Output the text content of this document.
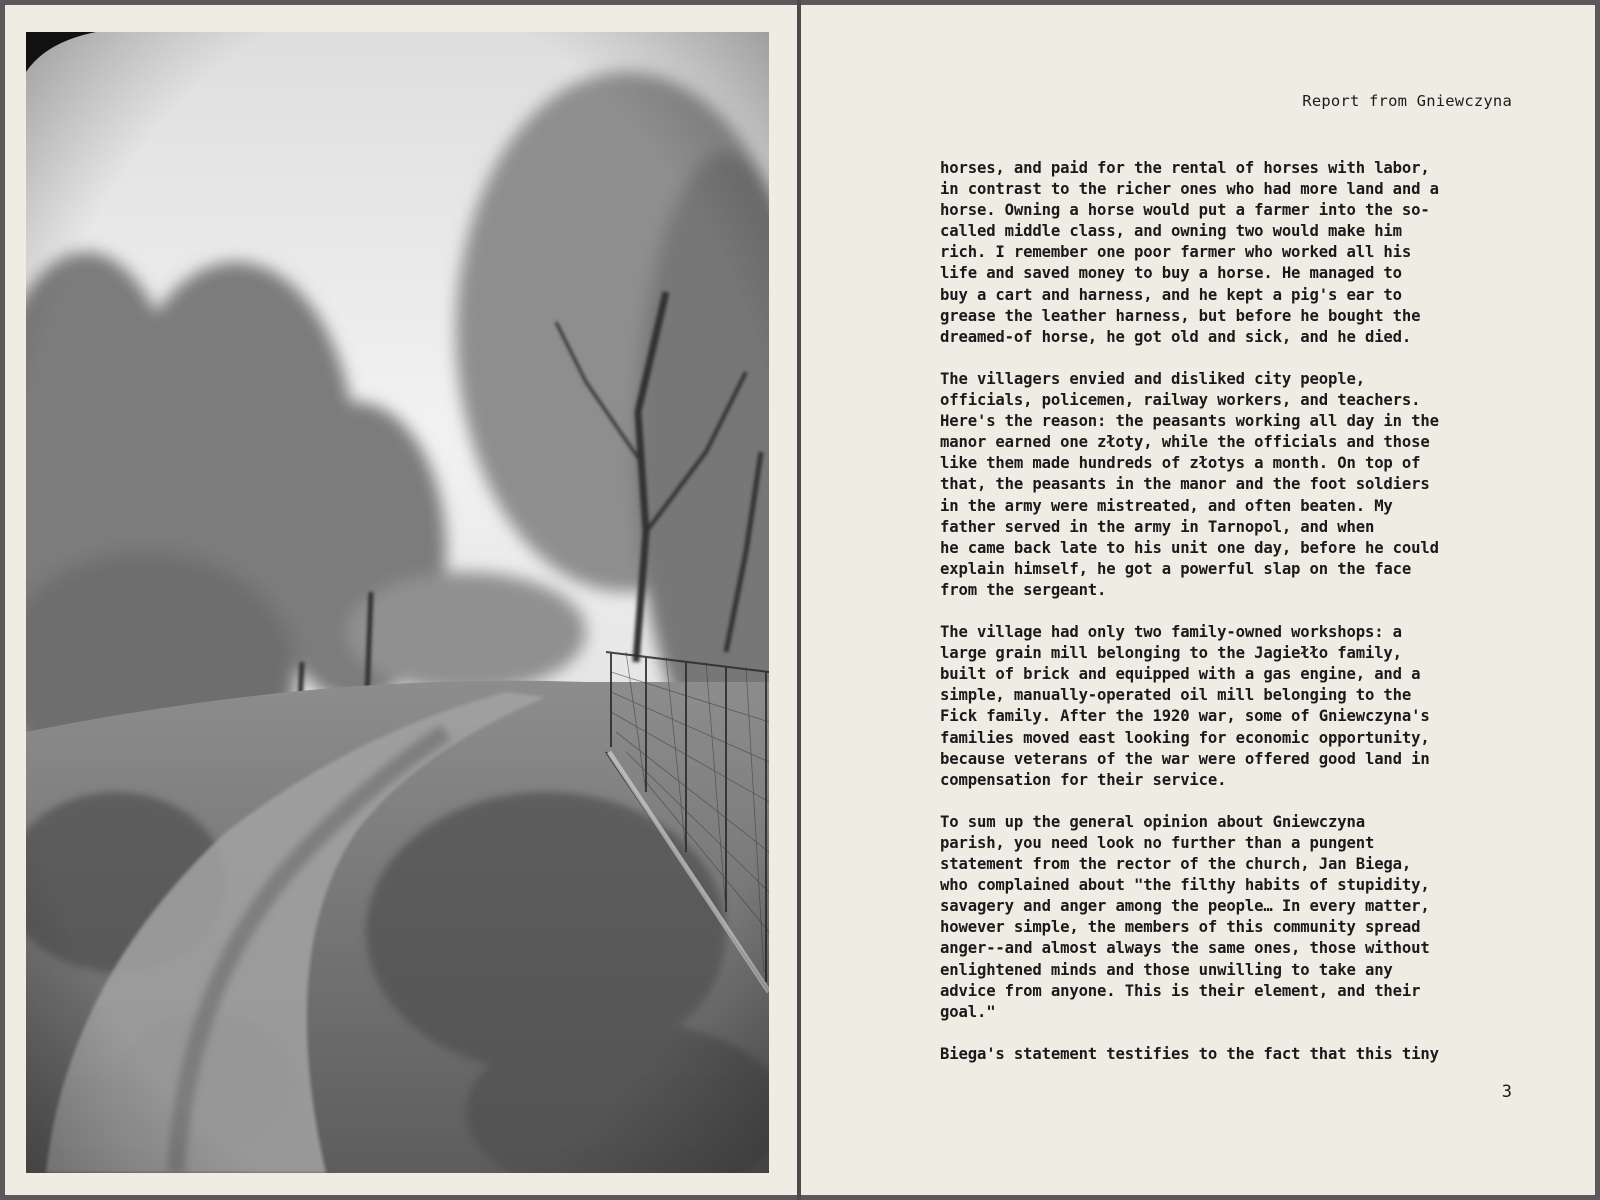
Report from Gniewczyna

horses, and paid for the rental of horses with labor,
in contrast to the richer ones who had more land and a
horse. Owning a horse would put a farmer into the so-
called middle class, and owning two would make him
rich. I remember one poor farmer who worked all his
life and saved money to buy a horse. He managed to
buy a cart and harness, and he kept a pig's ear to
grease the leather harness, but before he bought the
dreamed-of horse, he got old and sick, and he died.

The villagers envied and disliked city people,
officials, policemen, railway workers, and teachers.
Here's the reason: the peasants working all day in the
manor earned one złoty, while the officials and those
like them made hundreds of złotys a month. On top of
that, the peasants in the manor and the foot soldiers
in the army were mistreated, and often beaten. My
father served in the army in Tarnopol, and when
he came back late to his unit one day, before he could
explain himself, he got a powerful slap on the face
from the sergeant.

The village had only two family-owned workshops: a
large grain mill belonging to the Jagiełło family,
built of brick and equipped with a gas engine, and a
simple, manually-operated oil mill belonging to the
Fick family. After the 1920 war, some of Gniewczyna's
families moved east looking for economic opportunity,
because veterans of the war were offered good land in
compensation for their service.

To sum up the general opinion about Gniewczyna
parish, you need look no further than a pungent
statement from the rector of the church, Jan Biega,
who complained about "the filthy habits of stupidity,
savagery and anger among the people… In every matter,
however simple, the members of this community spread
anger--and almost always the same ones, those without
enlightened minds and those unwilling to take any
advice from anyone. This is their element, and their
goal."

Biega's statement testifies to the fact that this tiny

3
